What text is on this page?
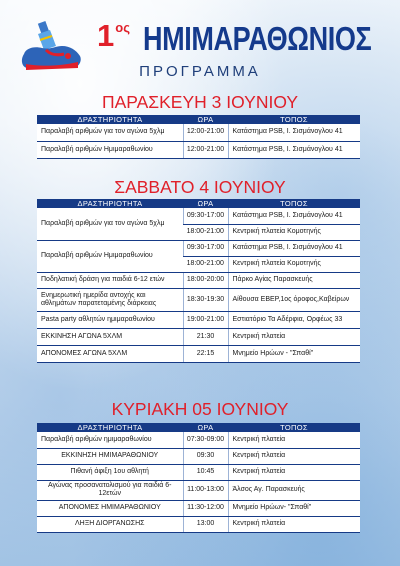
$1^{o\varsigma}$ ΗΜΙΜΑΡΑΘΩΝΙΟΣ
ΠΡΟΓΡΑΜΜΑ
ΠΑΡΑΣΚΕΥΗ 3 ΙΟΥΝΙΟΥ
ΔΡΑΣΤΗΡΙΟΤΗΤΑ	ΩΡΑ	ΤΟΠΟΣ
Παραλαβή αριθμών για τον αγώνα 5χλμ	12:00-21:00	Κατάστημα PSB, Ι. Σισμάνογλου 41
Παραλαβή αριθμών Ημιμαραθωνίου	12:00-21:00	Κατάστημα PSB, Ι. Σισμάνογλου 41
ΣΑΒΒΑΤΟ 4 ΙΟΥΝΙΟΥ
ΔΡΑΣΤΗΡΙΟΤΗΤΑ	ΩΡΑ	ΤΟΠΟΣ
Παραλαβή αριθμών για τον αγώνα 5χλμ	09:30-17:00	Κατάστημα PSB, Ι. Σισμάνογλου 41
	18:00-21:00	Κεντρική πλατεία Κομοτηνής
Παραλαβή αριθμών Ημιμαραθωνίου	09:30-17:00	Κατάστημα PSB, Ι. Σισμάνογλου 41
	18:00-21:00	Κεντρική πλατεία Κομοτηνής
Ποδηλατική δράση για παιδιά 6-12 ετών	18:00-20:00	Πάρκο Αγίας Παρασκευής
Ενημερωτική ημερίδα αντοχής και αθλημάτων παρατεταμένης διάρκειας	18:30-19:30	Αίθουσα ΕΒΕΡ,1ος όροφος,Καβείρων
Pasta party αθλητών ημιμαραθωνίου	19:00-21:00	Εστιατόριο Τα Αδέρφια, Ορφέως 33
ΕΚΚΙΝΗΣΗ ΑΓΩΝΑ 5ΧΛΜ	21:30	Κεντρική πλατεία
ΑΠΟΝΟΜΕΣ ΑΓΩΝΑ 5ΧΛΜ	22:15	Μνημείο Ηρώων - "Σπαθί"
ΚΥΡΙΑΚΗ 05 ΙΟΥΝΙΟΥ
ΔΡΑΣΤΗΡΙΟΤΗΤΑ	ΩΡΑ	ΤΟΠΟΣ
Παραλαβή αριθμών ημιμαραθωνίου	07:30-09:00	Κεντρική πλατεία
ΕΚΚΙΝΗΣΗ ΗΜΙΜΑΡΑΘΩΝΙΟΥ	09:30	Κεντρική πλατεία
Πιθανή άφιξη 1ου αθλητή	10:45	Κεντρική πλατεία
Αγώνας προσανατολισμού για παιδιά 6-12ετών	11:00-13:00	Άλσος Αγ. Παρασκευής
ΑΠΟΝΟΜΕΣ ΗΜΙΜΑΡΑΘΩΝΙΟΥ	11:30-12:00	Μνημείο Ηρώων- "Σπαθί"
ΛΗΞΗ ΔΙΟΡΓΑΝΩΣΗΣ	13:00	Κεντρική πλατεία
